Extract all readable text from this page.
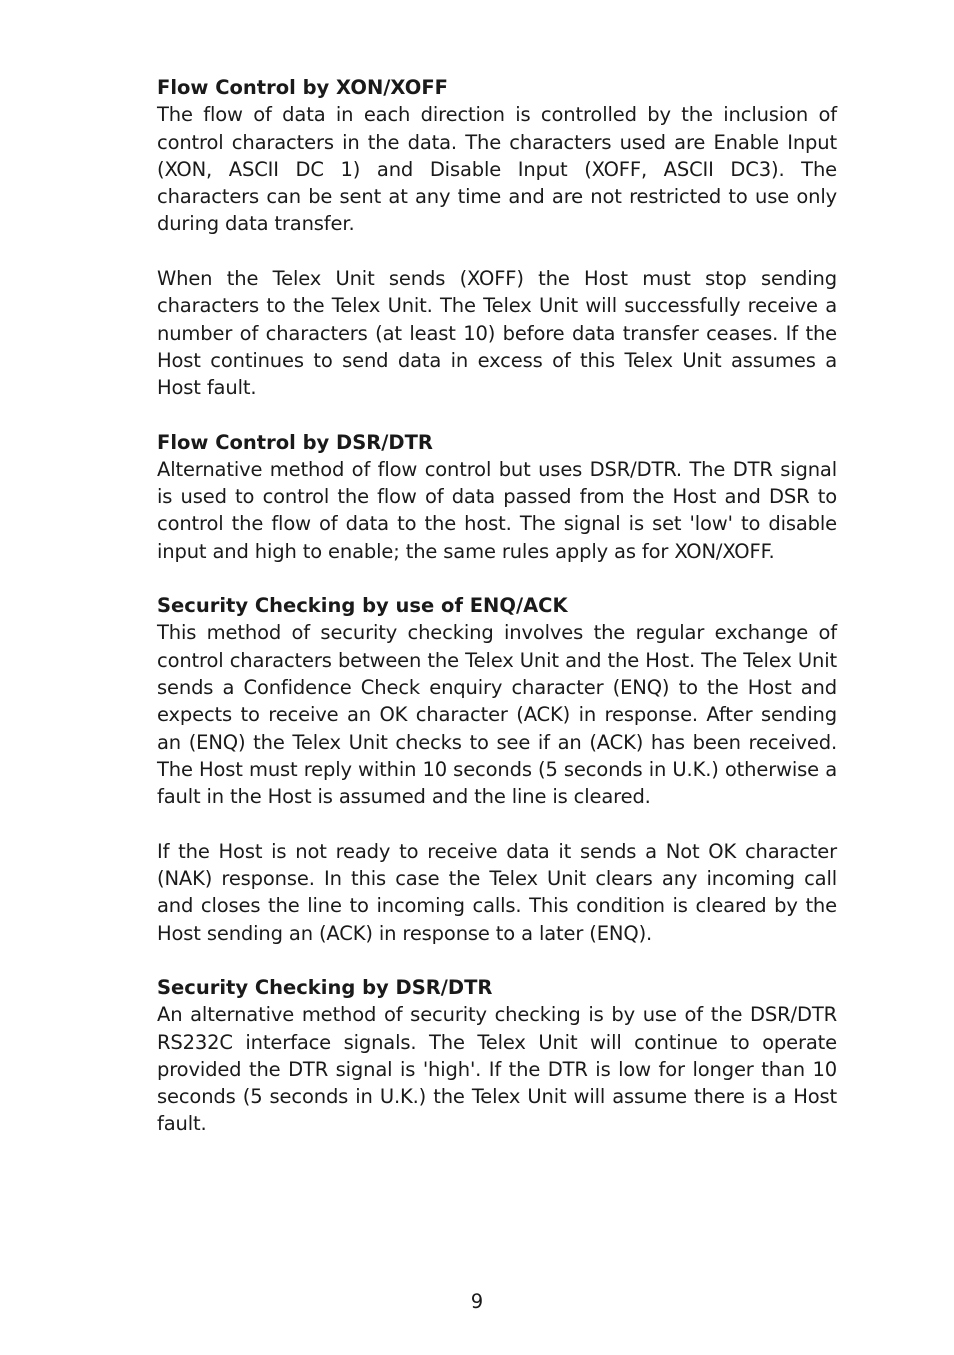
Flow Control by XON/XOFF

The flow of data in each direction is controlled by the inclusion of control characters in the data. The characters used are Enable Input (XON, ASCII DC 1) and Disable Input (XOFF, ASCII DC3). The characters can be sent at any time and are not restricted to use only during data transfer.

When the Telex Unit sends (XOFF) the Host must stop sending characters to the Telex Unit. The Telex Unit will successfully receive a number of characters (at least 10) before data transfer ceases. If the Host continues to send data in excess of this Telex Unit assumes a Host fault.

Flow Control by DSR/DTR

Alternative method of flow control but uses DSR/DTR. The DTR signal is used to control the flow of data passed from the Host and DSR to control the flow of data to the host. The signal is set 'low' to disable input and high to enable; the same rules apply as for XON/XOFF.

Security Checking by use of ENQ/ACK

This method of security checking involves the regular exchange of control characters between the Telex Unit and the Host. The Telex Unit sends a Confidence Check enquiry character (ENQ) to the Host and expects to receive an OK character (ACK) in response. After sending an (ENQ) the Telex Unit checks to see if an (ACK) has been received. The Host must reply within 10 seconds (5 seconds in U.K.) otherwise a fault in the Host is assumed and the line is cleared.

If the Host is not ready to receive data it sends a Not OK character (NAK) response. In this case the Telex Unit clears any incoming call and closes the line to incoming calls. This condition is cleared by the Host sending an (ACK) in response to a later (ENQ).

Security Checking by DSR/DTR

An alternative method of security checking is by use of the DSR/DTR RS232C interface signals. The Telex Unit will continue to operate provided the DTR signal is 'high'. If the DTR is low for longer than 10 seconds (5 seconds in U.K.) the Telex Unit will assume there is a Host fault.

9
